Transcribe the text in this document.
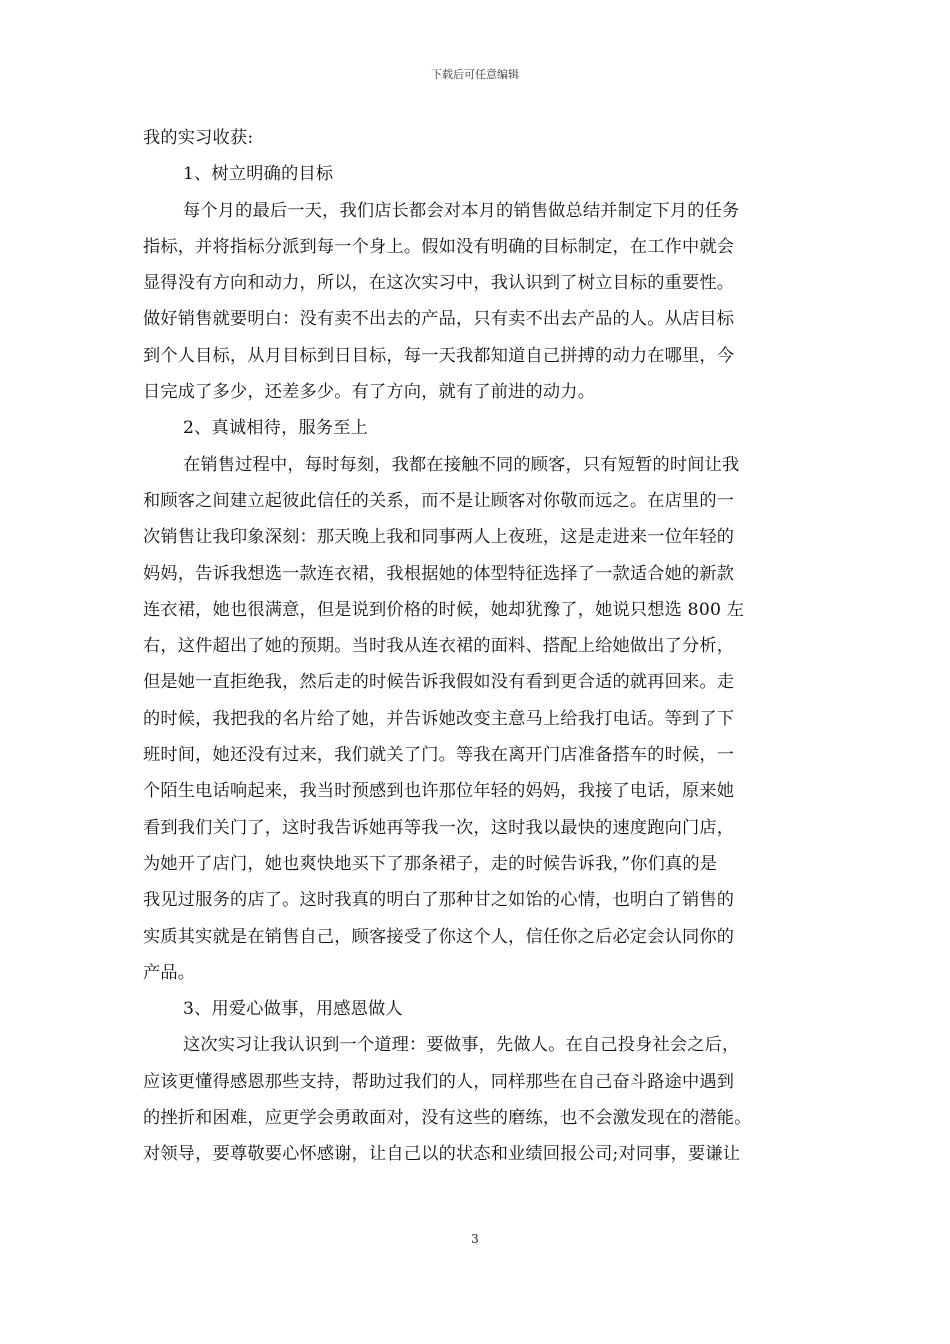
下载后可任意编辑
我的实习收获:
1、树立明确的目标
每个月的最后一天，我们店长都会对本月的销售做总结并制定下月的任务
指标，并将指标分派到每一个身上。假如没有明确的目标制定，在工作中就会
显得没有方向和动力，所以，在这次实习中，我认识到了树立目标的重要性。
做好销售就要明白：没有卖不出去的产品，只有卖不出去产品的人。从店目标
到个人目标，从月目标到日目标，每一天我都知道自己拼搏的动力在哪里，今
日完成了多少，还差多少。有了方向，就有了前进的动力。
2、真诚相待，服务至上
在销售过程中，每时每刻，我都在接触不同的顾客，只有短暂的时间让我
和顾客之间建立起彼此信任的关系，而不是让顾客对你敬而远之。在店里的一
次销售让我印象深刻：那天晚上我和同事两人上夜班，这是走进来一位年轻的
妈妈，告诉我想选一款连衣裙，我根据她的体型特征选择了一款适合她的新款
连衣裙，她也很满意，但是说到价格的时候，她却犹豫了，她说只想选 800 左
右，这件超出了她的预期。当时我从连衣裙的面料、搭配上给她做出了分析，
但是她一直拒绝我，然后走的时候告诉我假如没有看到更合适的就再回来。走
的时候，我把我的名片给了她，并告诉她改变主意马上给我打电话。等到了下
班时间，她还没有过来，我们就关了门。等我在离开门店准备搭车的时候，一
个陌生电话响起来，我当时预感到也许那位年轻的妈妈，我接了电话，原来她
看到我们关门了，这时我告诉她再等我一次，这时我以最快的速度跑向门店，
为她开了店门，她也爽快地买下了那条裙子，走的时候告诉我，”你们真的是
我见过服务的店了。这时我真的明白了那种甘之如饴的心情，也明白了销售的
实质其实就是在销售自己，顾客接受了你这个人，信任你之后必定会认同你的
产品。
3、用爱心做事，用感恩做人
这次实习让我认识到一个道理：要做事，先做人。在自己投身社会之后，
应该更懂得感恩那些支持，帮助过我们的人，同样那些在自己奋斗路途中遇到
的挫折和困难，应更学会勇敢面对，没有这些的磨练，也不会激发现在的潜能。
对领导，要尊敬要心怀感谢，让自己以的状态和业绩回报公司;对同事，要谦让
3
